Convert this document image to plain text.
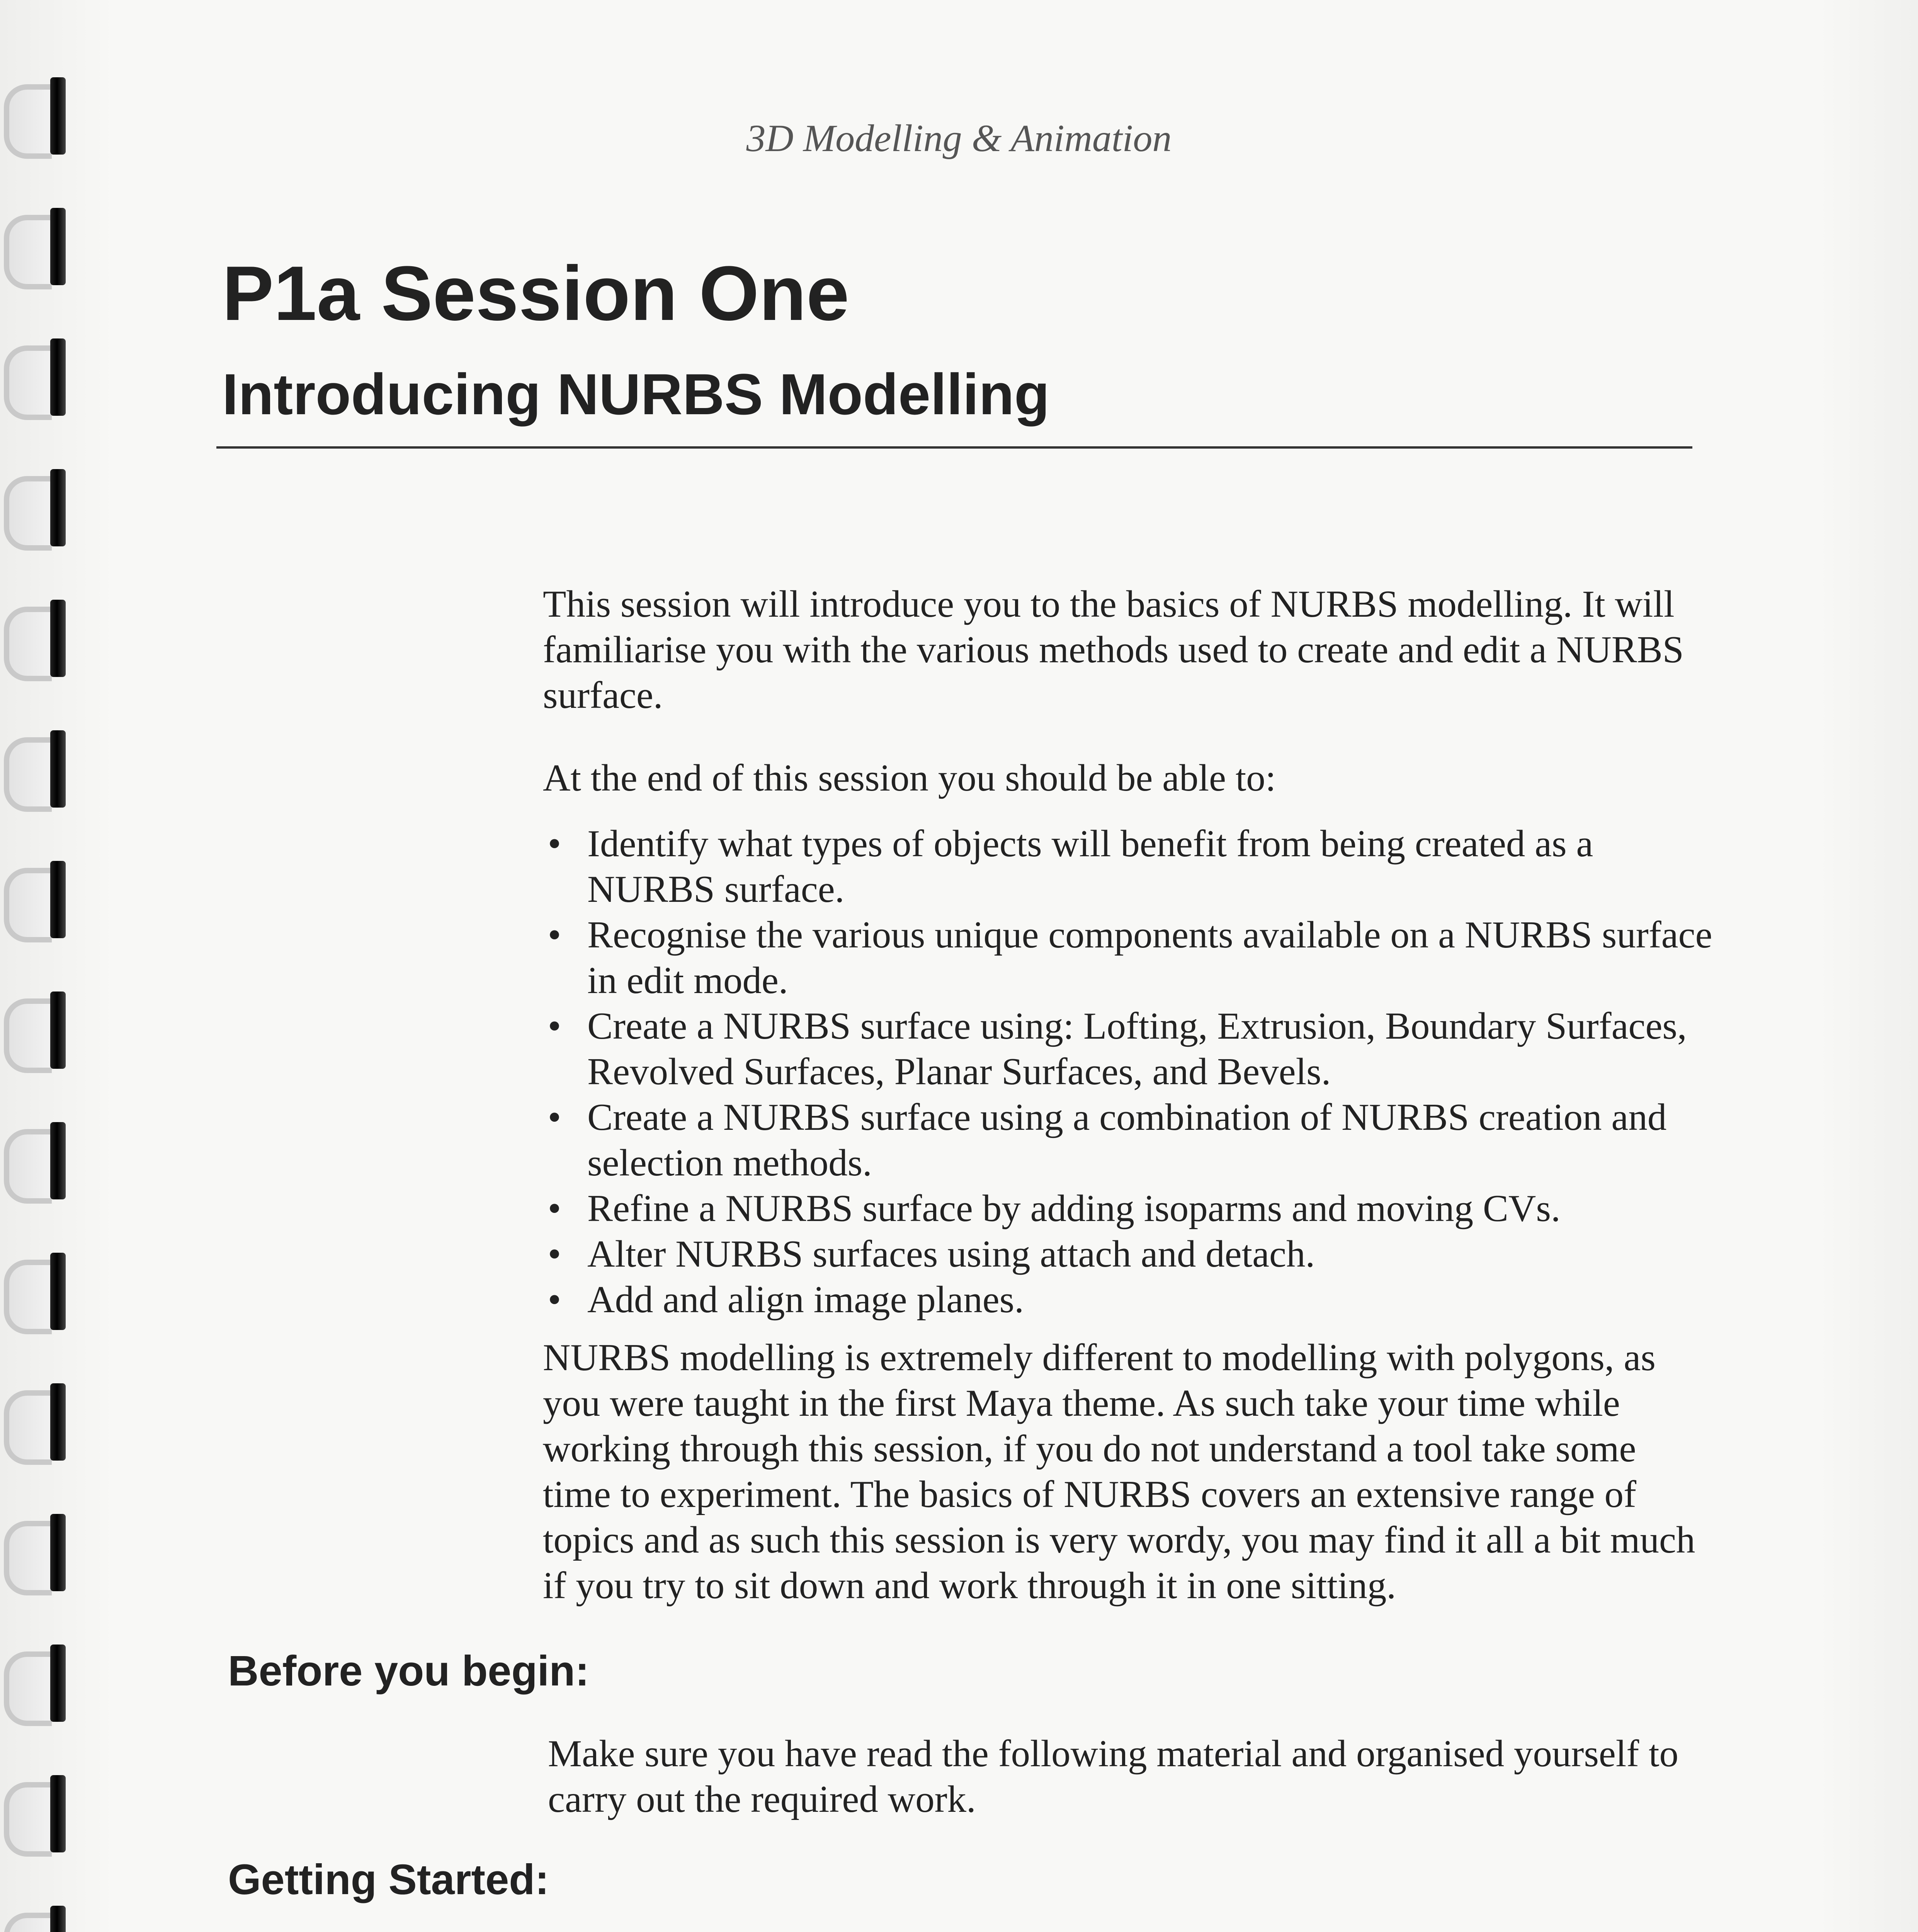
3D Modelling & Animation
P1a Session One
Introducing NURBS Modelling

This session will introduce you to the basics of NURBS modelling. It will familiarise you with the various methods used to create and edit a NURBS surface.

At the end of this session you should be able to:

• Identify what types of objects will benefit from being created as a NURBS surface.
• Recognise the various unique components available on a NURBS surface in edit mode.
• Create a NURBS surface using: Lofting, Extrusion, Boundary Surfaces, Revolved Surfaces, Planar Surfaces, and Bevels.
• Create a NURBS surface using a combination of NURBS creation and selection methods.
• Refine a NURBS surface by adding isoparms and moving CVs.
• Alter NURBS surfaces using attach and detach.
• Add and align image planes.

NURBS modelling is extremely different to modelling with polygons, as you were taught in the first Maya theme. As such take your time while working through this session, if you do not understand a tool take some time to experiment. The basics of NURBS covers an extensive range of topics and as such this session is very wordy, you may find it all a bit much if you try to sit down and work through it in one sitting.

Before you begin:

Make sure you have read the following material and organised yourself to carry out the required work.

Getting Started:
